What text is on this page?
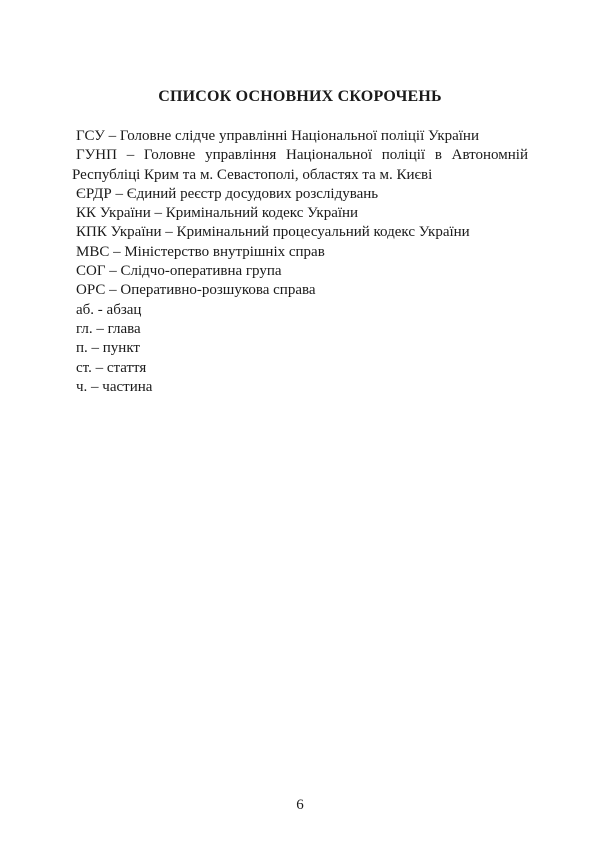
СПИСОК ОСНОВНИХ СКОРОЧЕНЬ
ГСУ – Головне слідче управлінні Національної поліції України
ГУНП – Головне управління Національної поліції в Автономній Республіці Крим та м. Севастополі, областях та м. Києві
ЄРДР – Єдиний реєстр досудових розслідувань
КК України – Кримінальний кодекс України
КПК України – Кримінальний процесуальний кодекс України
МВС – Міністерство внутрішніх справ
СОГ – Слідчо-оперативна група
ОРС – Оперативно-розшукова справа
аб. - абзац
гл. – глава
п. – пункт
ст. – стаття
ч. – частина
6
